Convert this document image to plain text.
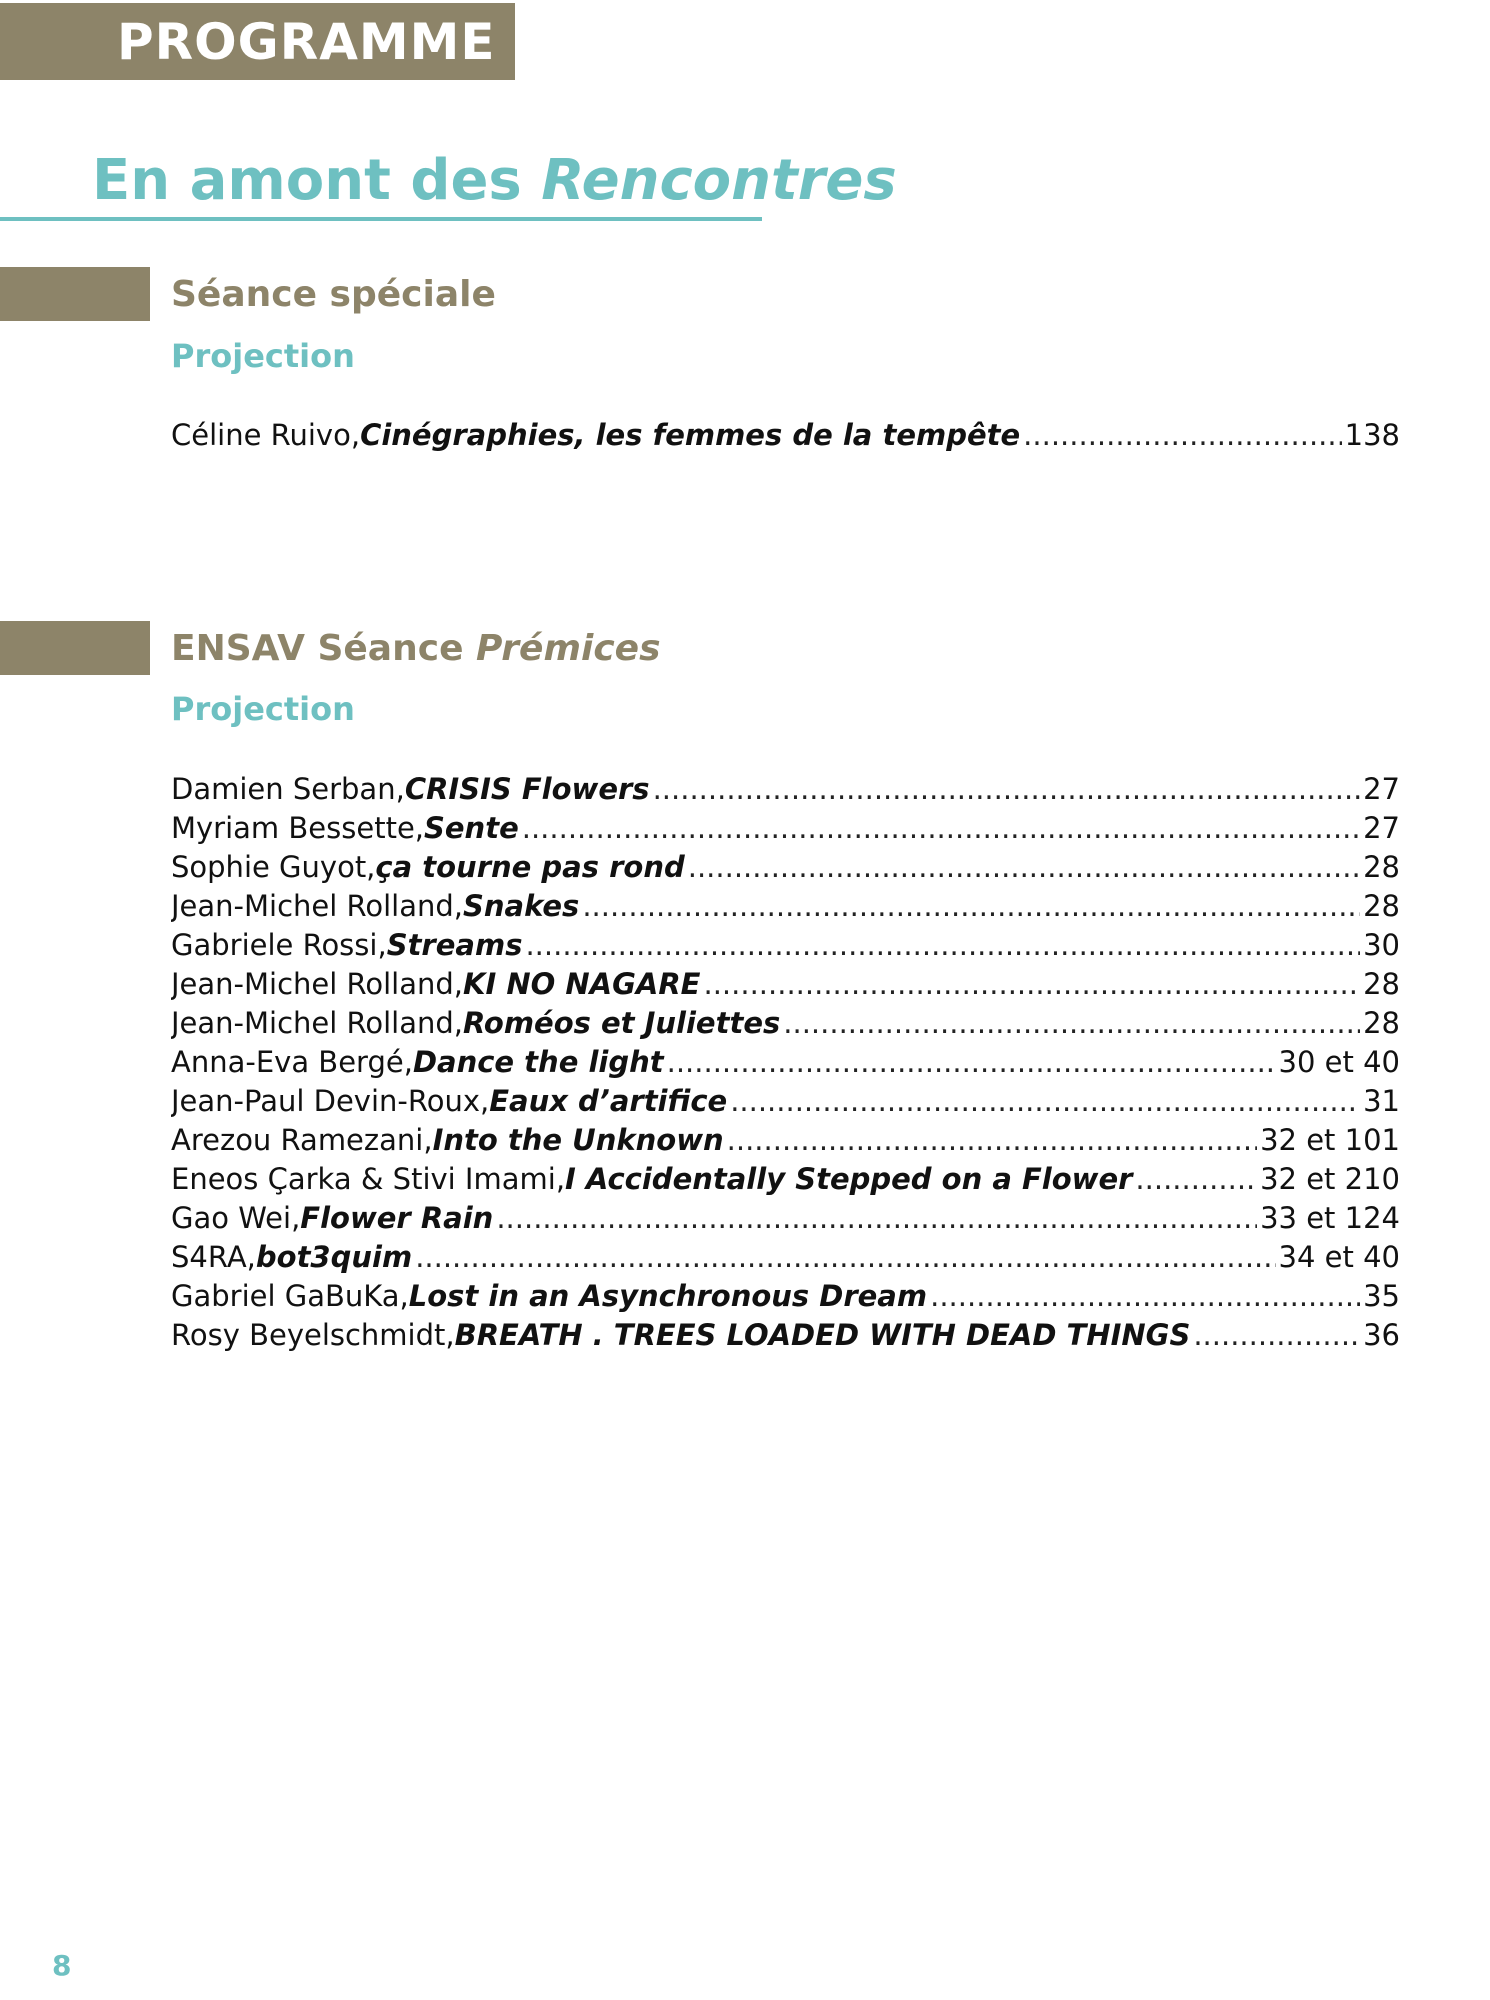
PROGRAMME
En amont des Rencontres
Séance spéciale
Projection
Céline Ruivo, Cinégraphies, les femmes de la tempête .....	138
ENSAV Séance Prémices
Projection
Damien Serban, CRISIS Flowers .....	27
Myriam Bessette, Sente .....	27
Sophie Guyot, ça tourne pas rond .....	28
Jean-Michel Rolland, Snakes .....	28
Gabriele Rossi, Streams .....	30
Jean-Michel Rolland, KI NO NAGARE .....	28
Jean-Michel Rolland, Roméos et Juliettes .....	28
Anna-Eva Bergé, Dance the light .....	30 et 40
Jean-Paul Devin-Roux, Eaux d’artifice .....	31
Arezou Ramezani, Into the Unknown .....	32 et 101
Eneos Çarka & Stivi Imami, I Accidentally Stepped on a Flower .....	32 et 210
Gao Wei, Flower Rain .....	33 et 124
S4RA, bot3quim .....	34 et 40
Gabriel GaBuKa, Lost in an Asynchronous Dream .....	35
Rosy Beyelschmidt, BREATH . TREES LOADED WITH DEAD THINGS .....	36
8
